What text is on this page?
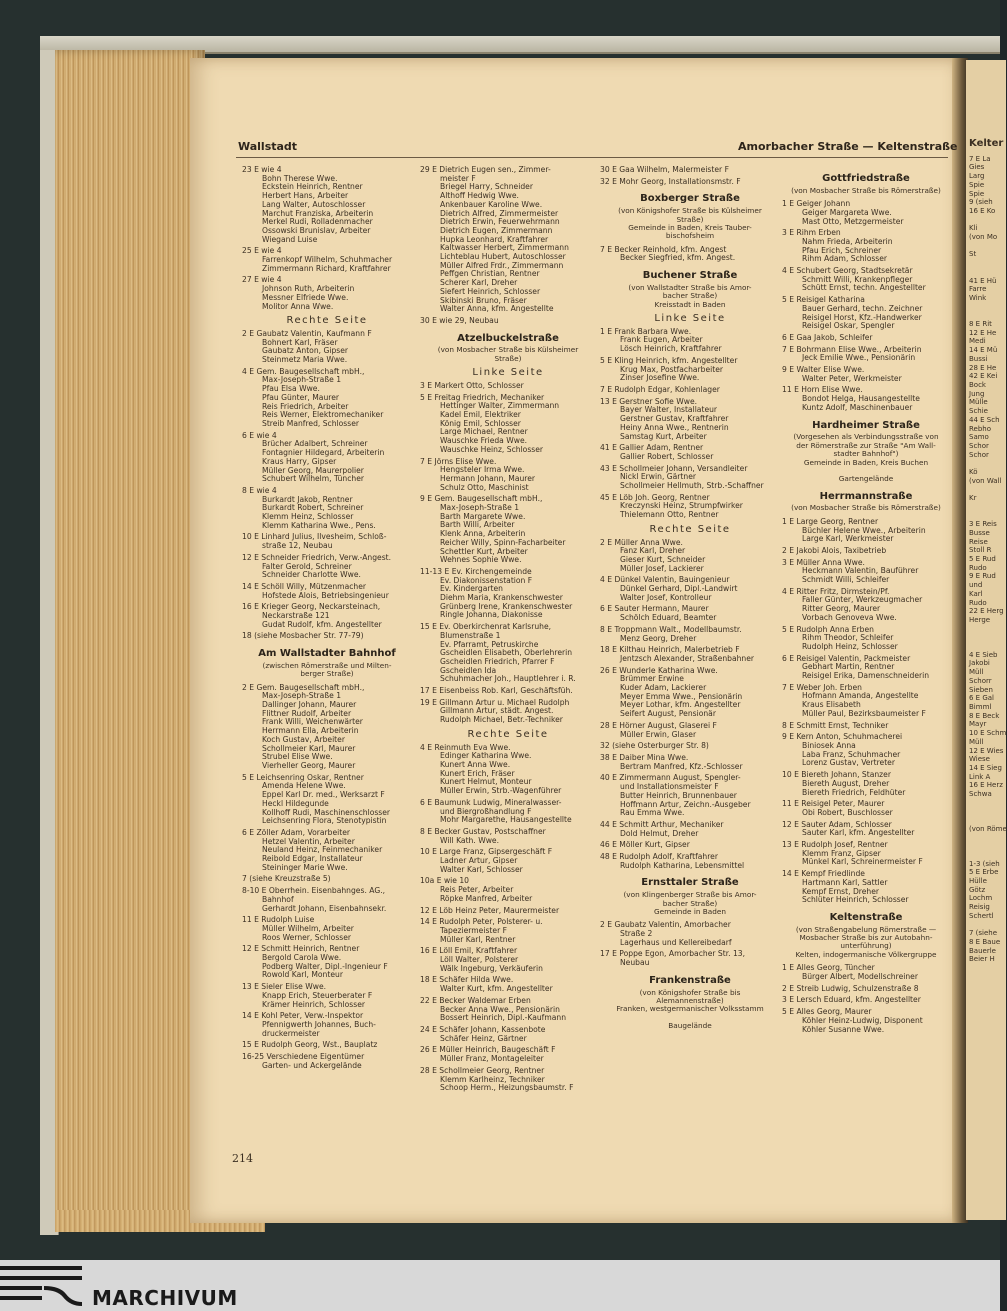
Kelter
7 E La
Gies
Larg
Spie
Spie
9 (sieh
16 E Ko

Kli
(von Mo

St

41 E Hü
Farre
Wink

8 E Rit
12 E He
Medi
14 E Mü
Bussi
28 E He
42 E Kei
Bock
Jung
Mülle
Schie
44 E Sch
Rebho
Samo
Schor
Schor

Kö
(von Wall

Kr

3 E Reis
Busse
Reise
Stoll R
5 E Rud
Rudo
9 E Rud
und
Karl
Rudo
22 E Herg
Herge

4 E Sieb
Jakobi
Müll
Schorr
Sieben
6 E Gal
Bimml
8 E Beck
Mayr
10 E Schm
Müll
12 E Wies
Wiese
14 E Sieg
Link A
16 E Herz
Schwa

(von Röme

1-3 (sieh
5 E Erbe
Hülle
Götz
Lochm
Reisig
Schertl

7 (siehe
8 E Baue
Bauerle
Beier H
Wallstadt	Amorbacher Straße — Keltenstraße
23 E wie 4
Bohn Therese Wwe.
Eckstein Heinrich, Rentner
Herbert Hans, Arbeiter
Lang Walter, Autoschlosser
Marchut Franziska, Arbeiterin
Merkel Rudi, Rolladenmacher
Ossowski Brunislav, Arbeiter
Wiegand Luise
25 E wie 4
Farrenkopf Wilhelm, Schuhmacher
Zimmermann Richard, Kraftfahrer
27 E wie 4
Johnson Ruth, Arbeiterin
Messner Elfriede Wwe.
Molitor Anna Wwe.
Rechte Seite
2 E Gaubatz Valentin, Kaufmann F
Bohnert Karl, Fräser
Gaubatz Anton, Gipser
Steinmetz Maria Wwe.
4 E Gem. Baugesellschaft mbH.,
Max-Joseph-Straße 1
Pfau Elsa Wwe.
Pfau Günter, Maurer
Reis Friedrich, Arbeiter
Reis Werner, Elektromechaniker
Streib Manfred, Schlosser
6 E wie 4
Brücher Adalbert, Schreiner
Fontagnier Hildegard, Arbeiterin
Kraus Harry, Gipser
Müller Georg, Maurerpolier
Schubert Wilhelm, Tüncher
8 E wie 4
Burkardt Jakob, Rentner
Burkardt Robert, Schreiner
Klemm Heinz, Schlosser
Klemm Katharina Wwe., Pens.
10 E Linhard Julius, Ilvesheim, Schloß-
straße 12, Neubau
12 E Schneider Friedrich, Verw.-Angest.
Falter Gerold, Schreiner
Schneider Charlotte Wwe.
14 E Schöll Willy, Mützenmacher
Hofstede Alois, Betriebsingenieur
16 E Krieger Georg, Neckarsteinach,
Neckarstraße 121
Gudat Rudolf, kfm. Angestellter
18 (siehe Mosbacher Str. 77-79)
Am Wallstadter Bahnhof
(zwischen Römerstraße und Milten-
berger Straße)
2 E Gem. Baugesellschaft mbH.,
Max-Joseph-Straße 1
Dallinger Johann, Maurer
Flittner Rudolf, Arbeiter
Frank Willi, Weichenwärter
Herrmann Ella, Arbeiterin
Koch Gustav, Arbeiter
Schollmeier Karl, Maurer
Strubel Elise Wwe.
Vierheller Georg, Maurer
5 E Leichsenring Oskar, Rentner
Amenda Helene Wwe.
Eppel Karl Dr. med., Werksarzt F
Heckl Hildegunde
Kollhoff Rudi, Maschinenschlosser
Leichsenring Flora, Stenotypistin
6 E Zöller Adam, Vorarbeiter
Hetzel Valentin, Arbeiter
Neuland Heinz, Feinmechaniker
Reibold Edgar, Installateur
Steininger Marie Wwe.
7 (siehe Kreuzstraße 5)
8-10 E Oberrhein. Eisenbahnges. AG.,
Bahnhof
Gerhardt Johann, Eisenbahnsekr.
11 E Rudolph Luise
Müller Wilhelm, Arbeiter
Roos Werner, Schlosser
12 E Schmitt Heinrich, Rentner
Bergold Carola Wwe.
Podberg Walter, Dipl.-Ingenieur F
Rowold Karl, Monteur
13 E Sieler Elise Wwe.
Knapp Erich, Steuerberater F
Krämer Heinrich, Schlosser
14 E Kohl Peter, Verw.-Inspektor
Pfennigwerth Johannes, Buch-
druckermeister
15 E Rudolph Georg, Wst., Bauplatz
16-25 Verschiedene Eigentümer
Garten- und Ackergelände
29 E Dietrich Eugen sen., Zimmer-
meister F
Briegel Harry, Schneider
Althoff Hedwig Wwe.
Ankenbauer Karoline Wwe.
Dietrich Alfred, Zimmermeister
Dietrich Erwin, Feuerwehrmann
Dietrich Eugen, Zimmermann
Hupka Leonhard, Kraftfahrer
Kaltwasser Herbert, Zimmermann
Lichteblau Hubert, Autoschlosser
Müller Alfred Frdr., Zimmermann
Peffgen Christian, Rentner
Scherer Karl, Dreher
Siefert Heinrich, Schlosser
Skibinski Bruno, Fräser
Walter Anna, kfm. Angestellte
30 E wie 29, Neubau
Atzelbuckelstraße
(von Mosbacher Straße bis Külsheimer
Straße)
Linke Seite
3 E Markert Otto, Schlosser
5 E Freitag Friedrich, Mechaniker
Hettinger Walter, Zimmermann
Kadel Emil, Elektriker
König Emil, Schlosser
Large Michael, Rentner
Wauschke Frieda Wwe.
Wauschke Heinz, Schlosser
7 E Jörns Elise Wwe.
Hengsteler Irma Wwe.
Hermann Johann, Maurer
Schulz Otto, Maschinist
9 E Gem. Baugesellschaft mbH.,
Max-Joseph-Straße 1
Barth Margarete Wwe.
Barth Willi, Arbeiter
Klenk Anna, Arbeiterin
Reicher Willy, Spinn-Facharbeiter
Schettler Kurt, Arbeiter
Wehnes Sophie Wwe.
11-13 E Ev. Kirchengemeinde
Ev. Diakonissenstation F
Ev. Kindergarten
Diehm Maria, Krankenschwester
Grünberg Irene, Krankenschwester
Ringle Johanna, Diakonisse
15 E Ev. Oberkirchenrat Karlsruhe,
Blumenstraße 1
Ev. Pfarramt, Petruskirche
Gscheidlen Elisabeth, Oberlehrerin
Gscheidlen Friedrich, Pfarrer F
Gscheidlen Ida
Schuhmacher Joh., Hauptlehrer i. R.
17 E Eisenbeiss Rob. Karl, Geschäftsfüh.
19 E Gillmann Artur u. Michael Rudolph
Gillmann Artur, städt. Angest.
Rudolph Michael, Betr.-Techniker
Rechte Seite
4 E Reinmuth Eva Wwe.
Edinger Katharina Wwe.
Kunert Anna Wwe.
Kunert Erich, Fräser
Kunert Helmut, Monteur
Müller Erwin, Strb.-Wagenführer
6 E Baumunk Ludwig, Mineralwasser-
und Biergroßhandlung F
Mohr Margarethe, Hausangestellte
8 E Becker Gustav, Postschaffner
Will Kath. Wwe.
10 E Large Franz, Gipsergeschäft F
Ladner Artur, Gipser
Walter Karl, Schlosser
10a E wie 10
Reis Peter, Arbeiter
Röpke Manfred, Arbeiter
12 E Löb Heinz Peter, Maurermeister
14 E Rudolph Peter, Polsterer- u.
Tapeziermeister F
Müller Karl, Rentner
16 E Löll Emil, Kraftfahrer
Löll Walter, Polsterer
Wälk Ingeburg, Verkäuferin
18 E Schäfer Hilda Wwe.
Walter Kurt, kfm. Angestellter
22 E Becker Waldemar Erben
Becker Anna Wwe., Pensionärin
Bossert Heinrich, Dipl.-Kaufmann
24 E Schäfer Johann, Kassenbote
Schäfer Heinz, Gärtner
26 E Müller Heinrich, Baugeschäft F
Müller Franz, Montageleiter
28 E Schollmeier Georg, Rentner
Klemm Karlheinz, Techniker
Schoop Herm., Heizungsbaumstr. F
30 E Gaa Wilhelm, Malermeister F
32 E Mohr Georg, Installationsmstr. F
Boxberger Straße
(von Königshofer Straße bis Külsheimer
Straße)
Gemeinde in Baden, Kreis Tauber-
bischofsheim
7 E Becker Reinhold, kfm. Angest
Becker Siegfried, kfm. Angest.
Buchener Straße
(von Wallstadter Straße bis Amor-
bacher Straße)
Kreisstadt in Baden
Linke Seite
1 E Frank Barbara Wwe.
Frank Eugen, Arbeiter
Lösch Heinrich, Kraftfahrer
5 E Kling Heinrich, kfm. Angestellter
Krug Max, Postfacharbeiter
Zinser Josefine Wwe.
7 E Rudolph Edgar, Kohlenlager
13 E Gerstner Sofie Wwe.
Bayer Walter, Installateur
Gerstner Gustav, Kraftfahrer
Heiny Anna Wwe., Rentnerin
Samstag Kurt, Arbeiter
41 E Gallier Adam, Rentner
Gallier Robert, Schlosser
43 E Schollmeier Johann, Versandleiter
Nickl Erwin, Gärtner
Schollmeier Hellmuth, Strb.-Schaffner
45 E Löb Joh. Georg, Rentner
Kreczynski Heinz, Strumpfwirker
Thielemann Otto, Rentner
Rechte Seite
2 E Müller Anna Wwe.
Fanz Karl, Dreher
Gieser Kurt, Schneider
Müller Josef, Lackierer
4 E Dünkel Valentin, Bauingenieur
Dünkel Gerhard, Dipl.-Landwirt
Walter Josef, Kontrolleur
6 E Sauter Hermann, Maurer
Schölch Eduard, Beamter
8 E Troppmann Walt., Modellbaumstr.
Menz Georg, Dreher
18 E Kilthau Heinrich, Malerbetrieb F
Jentzsch Alexander, Straßenbahner
26 E Wunderle Katharina Wwe.
Brümmer Erwine
Kuder Adam, Lackierer
Meyer Emma Wwe., Pensionärin
Meyer Lothar, kfm. Angestellter
Seifert August, Pensionär
28 E Hörner August, Glaserei F
Müller Erwin, Glaser
32 (siehe Osterburger Str. 8)
38 E Daiber Mina Wwe.
Bertram Manfred, Kfz.-Schlosser
40 E Zimmermann August, Spengler-
und Installationsmeister F
Butter Heinrich, Brunnenbauer
Hoffmann Artur, Zeichn.-Ausgeber
Rau Emma Wwe.
44 E Schmitt Arthur, Mechaniker
Dold Helmut, Dreher
46 E Möller Kurt, Gipser
48 E Rudolph Adolf, Kraftfahrer
Rudolph Katharina, Lebensmittel
Ernsttaler Straße
(von Klingenberger Straße bis Amor-
bacher Straße)
Gemeinde in Baden
2 E Gaubatz Valentin, Amorbacher
Straße 2
Lagerhaus und Kellereibedarf
17 E Poppe Egon, Amorbacher Str. 13,
Neubau
Frankenstraße
(von Königshofer Straße bis
Alemannenstraße)
Franken, westgermanischer Volksstamm

Baugelände
Gottfriedstraße
(von Mosbacher Straße bis Römerstraße)
1 E Geiger Johann
Geiger Margareta Wwe.
Mast Otto, Metzgermeister
3 E Rihm Erben
Nahm Frieda, Arbeiterin
Pfau Erich, Schreiner
Rihm Adam, Schlosser
4 E Schubert Georg, Stadtsekretär
Schmitt Willi, Krankenpfleger
Schütt Ernst, techn. Angestellter
5 E Reisigel Katharina
Bauer Gerhard, techn. Zeichner
Reisigel Horst, Kfz.-Handwerker
Reisigel Oskar, Spengler
6 E Gaa Jakob, Schleifer
7 E Bohrmann Elise Wwe., Arbeiterin
Jeck Emilie Wwe., Pensionärin
9 E Walter Elise Wwe.
Walter Peter, Werkmeister
11 E Horn Elise Wwe.
Bondot Helga, Hausangestellte
Kuntz Adolf, Maschinenbauer
Hardheimer Straße
(Vorgesehen als Verbindungsstraße von
der Römerstraße zur Straße "Am Wall-
stadter Bahnhof")
Gemeinde in Baden, Kreis Buchen

Gartengelände
Herrmannstraße
(von Mosbacher Straße bis Römerstraße)
1 E Large Georg, Rentner
Büchler Helene Wwe., Arbeiterin
Large Karl, Werkmeister
2 E Jakobi Alois, Taxibetrieb
3 E Müller Anna Wwe.
Heckmann Valentin, Bauführer
Schmidt Willi, Schleifer
4 E Ritter Fritz, Dirmstein/Pf.
Faller Günter, Werkzeugmacher
Ritter Georg, Maurer
Vorbach Genoveva Wwe.
5 E Rudolph Anna Erben
Rihm Theodor, Schleifer
Rudolph Heinz, Schlosser
6 E Reisigel Valentin, Packmeister
Gebhart Martin, Rentner
Reisigel Erika, Damenschneiderin
7 E Weber Joh. Erben
Hofmann Amanda, Angestellte
Kraus Elisabeth
Müller Paul, Bezirksbaumeister F
8 E Schmitt Ernst, Techniker
9 E Kern Anton, Schuhmacherei
Biniosek Anna
Laba Franz, Schuhmacher
Lorenz Gustav, Vertreter
10 E Biereth Johann, Stanzer
Biereth August, Dreher
Biereth Friedrich, Feldhüter
11 E Reisigel Peter, Maurer
Obi Robert, Buschlosser
12 E Sauter Adam, Schlosser
Sauter Karl, kfm. Angestellter
13 E Rudolph Josef, Rentner
Klemm Franz, Gipser
Münkel Karl, Schreinermeister F
14 E Kempf Friedlinde
Hartmann Karl, Sattler
Kempf Ernst, Dreher
Schlüter Heinrich, Schlosser
Keltenstraße
(von Straßengabelung Römerstraße —
Mosbacher Straße bis zur Autobahn-
unterführung)
Kelten, indogermanische Völkergruppe
1 E Alles Georg, Tüncher
Bürger Albert, Modellschreiner
2 E Streib Ludwig, Schulzenstraße 8
3 E Lersch Eduard, kfm. Angestellter
5 E Alles Georg, Maurer
Köhler Heinz-Ludwig, Disponent
Köhler Susanne Wwe.
214
MARCHIVUM
